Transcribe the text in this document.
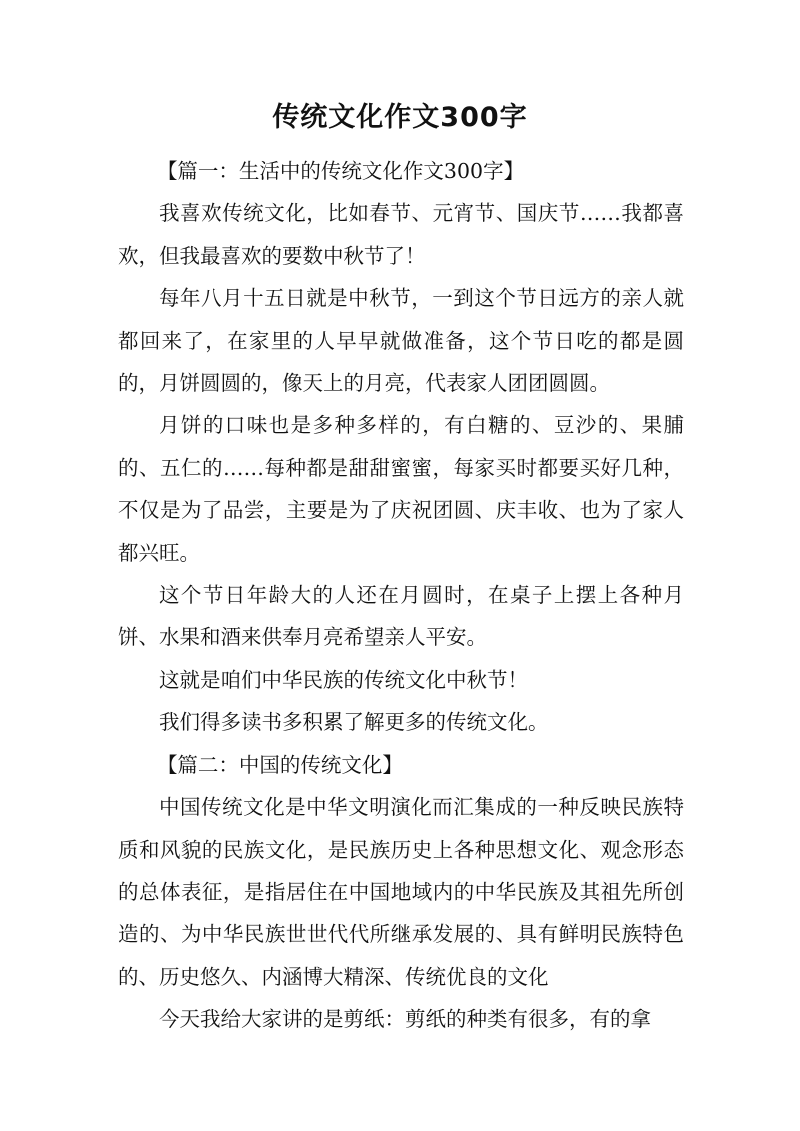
传统文化作文300字

【篇一：生活中的传统文化作文300字】

我喜欢传统文化，比如春节、元宵节、国庆节……我都喜欢，但我最喜欢的要数中秋节了！

每年八月十五日就是中秋节，一到这个节日远方的亲人就都回来了，在家里的人早早就做准备，这个节日吃的都是圆的，月饼圆圆的，像天上的月亮，代表家人团团圆圆。

月饼的口味也是多种多样的，有白糖的、豆沙的、果脯的、五仁的……每种都是甜甜蜜蜜，每家买时都要买好几种，不仅是为了品尝，主要是为了庆祝团圆、庆丰收、也为了家人都兴旺。

这个节日年龄大的人还在月圆时，在桌子上摆上各种月饼、水果和酒来供奉月亮希望亲人平安。

这就是咱们中华民族的传统文化中秋节！

我们得多读书多积累了解更多的传统文化。

【篇二：中国的传统文化】

中国传统文化是中华文明演化而汇集成的一种反映民族特质和风貌的民族文化，是民族历史上各种思想文化、观念形态的总体表征，是指居住在中国地域内的中华民族及其祖先所创造的、为中华民族世世代代所继承发展的、具有鲜明民族特色的、历史悠久、内涵博大精深、传统优良的文化

今天我给大家讲的是剪纸：剪纸的种类有很多，有的拿
